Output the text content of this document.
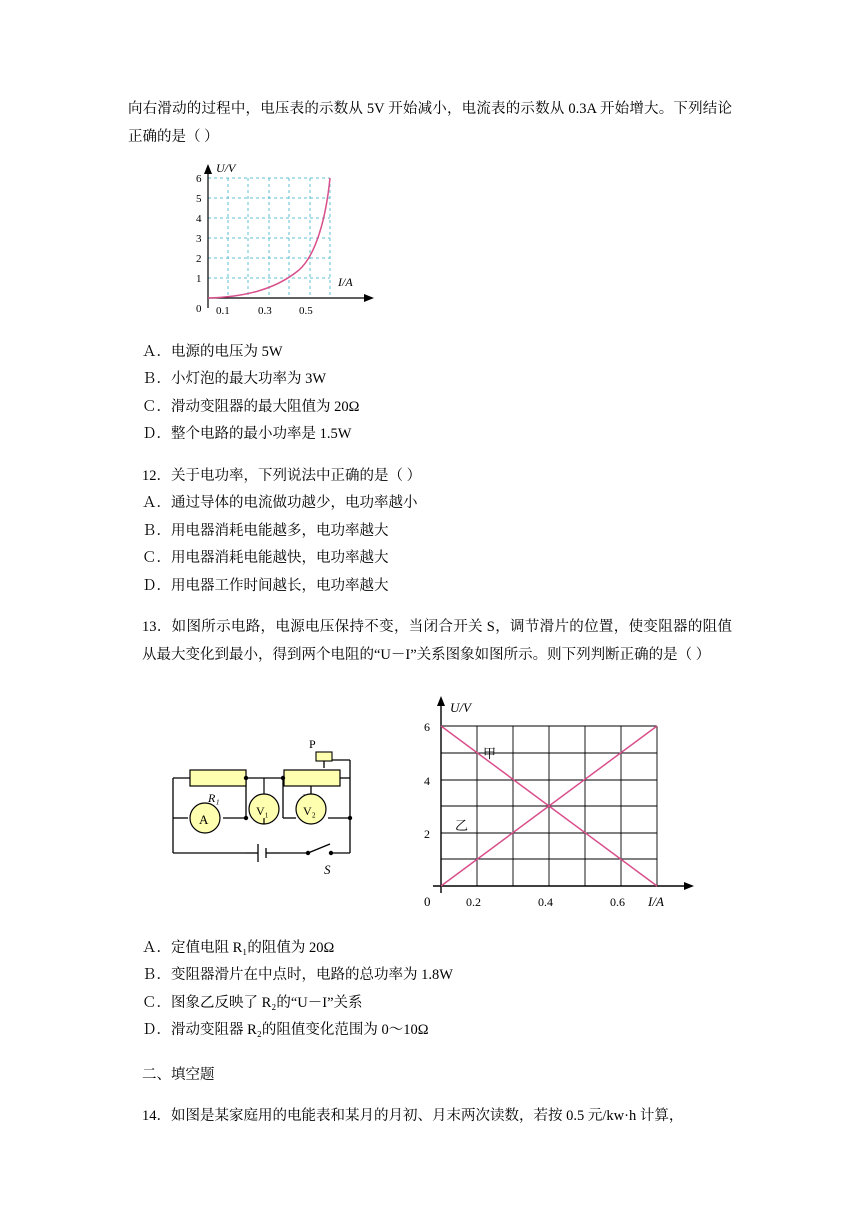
向右滑动的过程中，电压表的示数从 5V 开始减小，电流表的示数从 0.3A 开始增大。下列结论正确的是（ ）
6
5
4
3
2
1
0 0.1	0.3 0.5
U/V
I/A
Ａ．电源的电压为 5W
Ｂ．小灯泡的最大功率为 3W
Ｃ．滑动变阻器的最大阻值为 20Ω
Ｄ．整个电路的最小功率是 1.5W
12．关于电功率，下列说法中正确的是（ ）
Ａ．通过导体的电流做功越少，电功率越小
Ｂ．用电器消耗电能越多，电功率越大
Ｃ．用电器消耗电能越快，电功率越大
Ｄ．用电器工作时间越长，电功率越大
13．如图所示电路，电源电压保持不变，当闭合开关 S，调节滑片的位置，使变阻器的阻值从最大变化到最小，得到两个电阻的“U－I”关系图象如图所示。则下列判断正确的是（ ）
R₁
P
A
V₁	V₂
S
甲
乙
6
4
2
0	0.2	0.4	0.6
U/V
I/A
Ａ．定值电阻 R₁的阻值为 20Ω
Ｂ．变阻器滑片在中点时，电路的总功率为 1.8W
Ｃ．图象乙反映了 R₂的“U－I”关系
Ｄ．滑动变阻器 R₂的阻值变化范围为 0～10Ω
二、填空题
14．如图是某家庭用的电能表和某月的月初、月末两次读数，若按 0.5 元/kw·h 计算，
